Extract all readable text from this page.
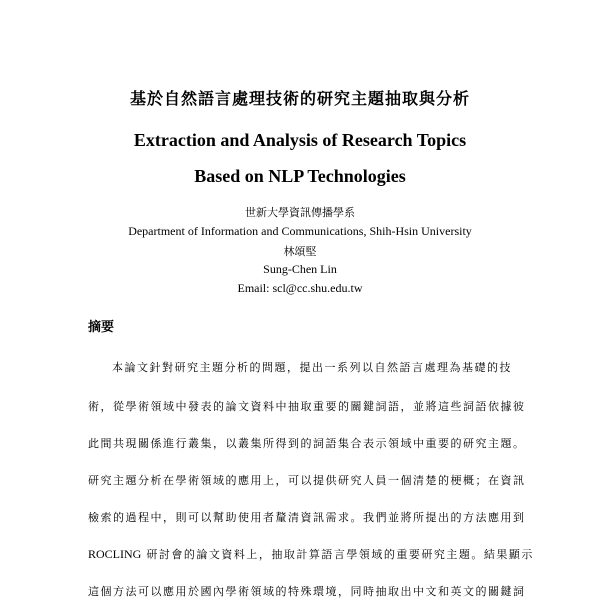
基於自然語言處理技術的研究主題抽取與分析
Extraction and Analysis of Research Topics
Based on NLP Technologies
世新大學資訊傳播學系
Department of Information and Communications, Shih-Hsin University
林頌堅
Sung-Chen Lin
Email: scl@cc.shu.edu.tw
摘要
本論文針對研究主題分析的問題，提出一系列以自然語言處理為基礎的技
術，從學術領域中發表的論文資料中抽取重要的關鍵詞語，並將這些詞語依據彼
此間共現關係進行叢集，以叢集所得到的詞語集合表示領域中重要的研究主題。
研究主題分析在學術領域的應用上，可以提供研究人員一個清楚的梗概；在資訊
檢索的過程中，則可以幫助使用者釐清資訊需求。我們並將所提出的方法應用到
ROCLING 研討會的論文資料上，抽取計算語言學領域的重要研究主題。結果顯示
這個方法可以應用於國內學術領域的特殊環境，同時抽取出中文和英文的關鍵詞
